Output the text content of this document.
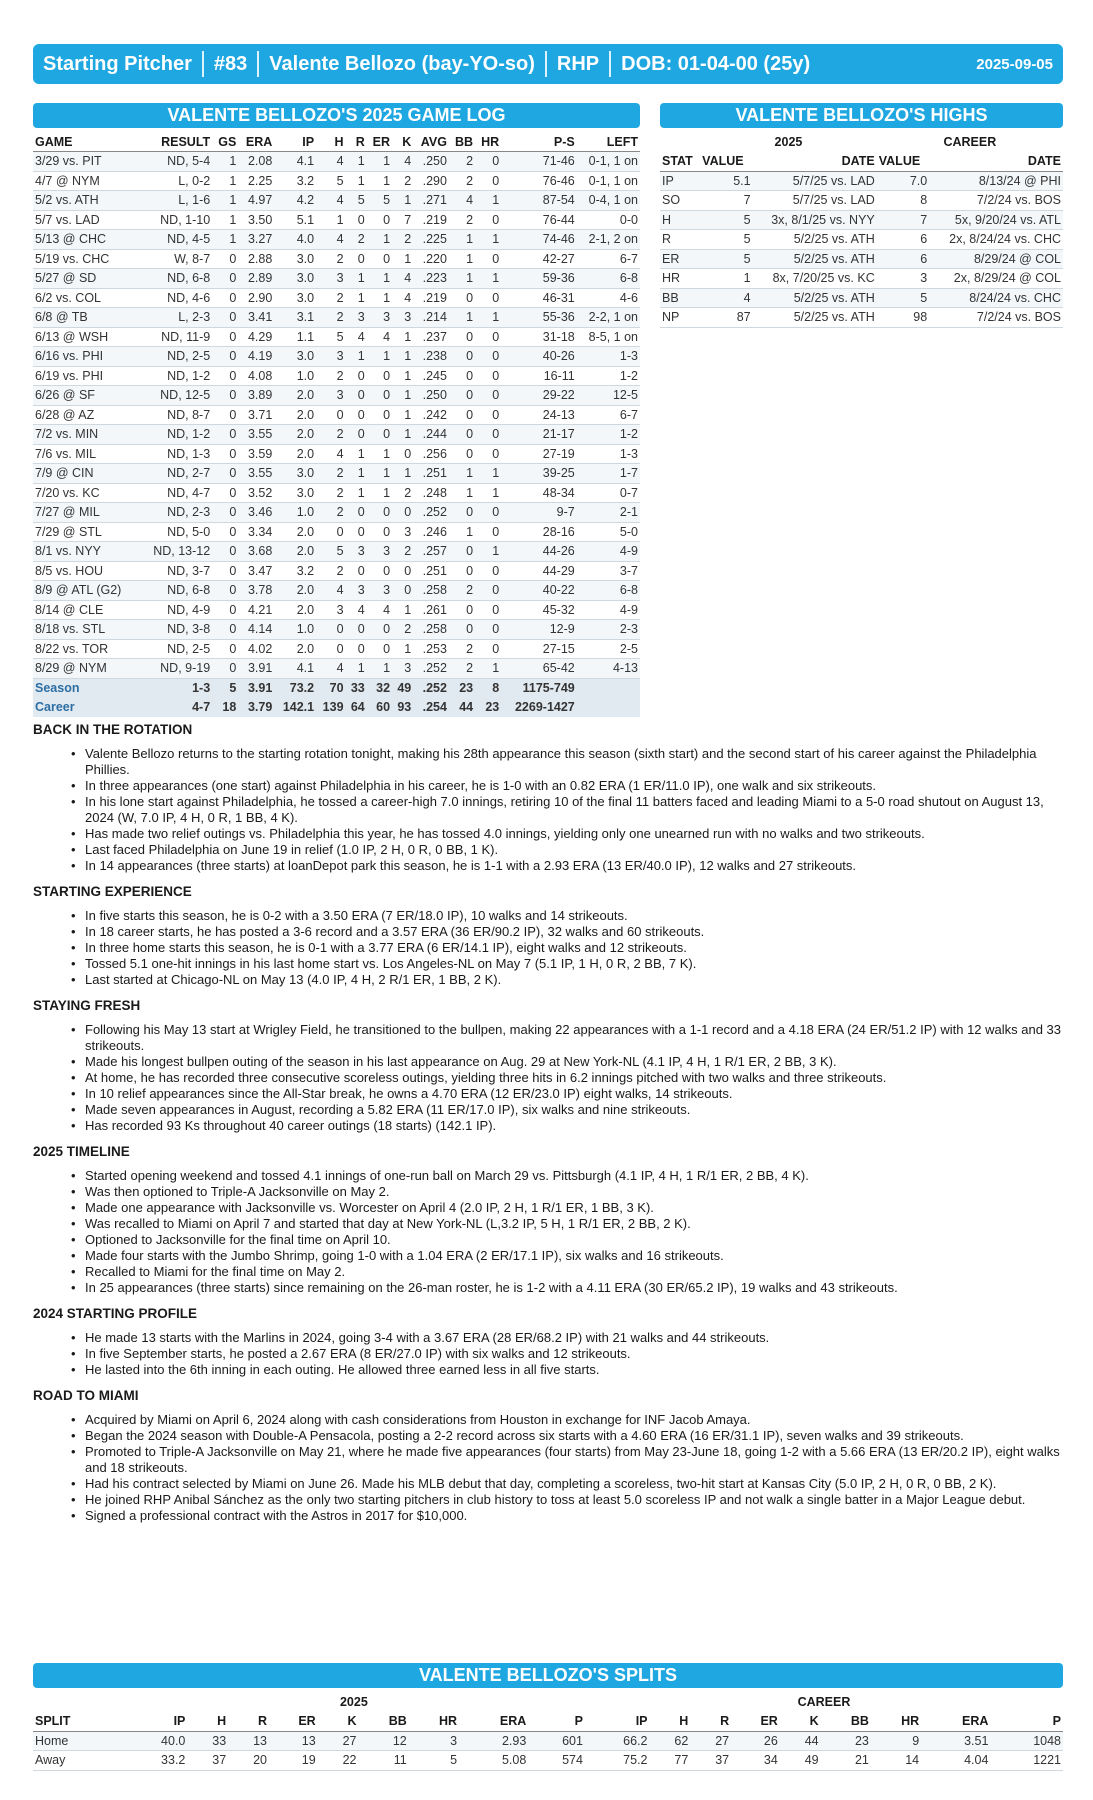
Starting Pitcher #83 Valente Bellozo (bay-YO-so) RHP DOB: 01-04-00 (25y)	2025-09-05
VALENTE BELLOZO'S 2025 GAME LOG
GAME	RESULT	GS	ERA	IP	H	R	ER	K	AVG	BB	HR	P-S	LEFT
3/29 vs. PIT	ND, 5-4	1	2.08	4.1	4	1	1	4	.250	2	0	71-46	0-1, 1 on
4/7 @ NYM	L, 0-2	1	2.25	3.2	5	1	1	2	.290	2	0	76-46	0-1, 1 on
5/2 vs. ATH	L, 1-6	1	4.97	4.2	4	5	5	1	.271	4	1	87-54	0-4, 1 on
5/7 vs. LAD	ND, 1-10	1	3.50	5.1	1	0	0	7	.219	2	0	76-44	0-0
5/13 @ CHC	ND, 4-5	1	3.27	4.0	4	2	1	2	.225	1	1	74-46	2-1, 2 on
5/19 vs. CHC	W, 8-7	0	2.88	3.0	2	0	0	1	.220	1	0	42-27	6-7
5/27 @ SD	ND, 6-8	0	2.89	3.0	3	1	1	4	.223	1	1	59-36	6-8
6/2 vs. COL	ND, 4-6	0	2.90	3.0	2	1	1	4	.219	0	0	46-31	4-6
6/8 @ TB	L, 2-3	0	3.41	3.1	2	3	3	3	.214	1	1	55-36	2-2, 1 on
6/13 @ WSH	ND, 11-9	0	4.29	1.1	5	4	4	1	.237	0	0	31-18	8-5, 1 on
6/16 vs. PHI	ND, 2-5	0	4.19	3.0	3	1	1	1	.238	0	0	40-26	1-3
6/19 vs. PHI	ND, 1-2	0	4.08	1.0	2	0	0	1	.245	0	0	16-11	1-2
6/26 @ SF	ND, 12-5	0	3.89	2.0	3	0	0	1	.250	0	0	29-22	12-5
6/28 @ AZ	ND, 8-7	0	3.71	2.0	0	0	0	1	.242	0	0	24-13	6-7
7/2 vs. MIN	ND, 1-2	0	3.55	2.0	2	0	0	1	.244	0	0	21-17	1-2
7/6 vs. MIL	ND, 1-3	0	3.59	2.0	4	1	1	0	.256	0	0	27-19	1-3
7/9 @ CIN	ND, 2-7	0	3.55	3.0	2	1	1	1	.251	1	1	39-25	1-7
7/20 vs. KC	ND, 4-7	0	3.52	3.0	2	1	1	2	.248	1	1	48-34	0-7
7/27 @ MIL	ND, 2-3	0	3.46	1.0	2	0	0	0	.252	0	0	9-7	2-1
7/29 @ STL	ND, 5-0	0	3.34	2.0	0	0	0	3	.246	1	0	28-16	5-0
8/1 vs. NYY	ND, 13-12	0	3.68	2.0	5	3	3	2	.257	0	1	44-26	4-9
8/5 vs. HOU	ND, 3-7	0	3.47	3.2	2	0	0	0	.251	0	0	44-29	3-7
8/9 @ ATL (G2)	ND, 6-8	0	3.78	2.0	4	3	3	0	.258	2	0	40-22	6-8
8/14 @ CLE	ND, 4-9	0	4.21	2.0	3	4	4	1	.261	0	0	45-32	4-9
8/18 vs. STL	ND, 3-8	0	4.14	1.0	0	0	0	2	.258	0	0	12-9	2-3
8/22 vs. TOR	ND, 2-5	0	4.02	2.0	0	0	0	1	.253	2	0	27-15	2-5
8/29 @ NYM	ND, 9-19	0	3.91	4.1	4	1	1	3	.252	2	1	65-42	4-13
Season	1-3	5	3.91	73.2	70	33	32	49	.252	23	8	1175-749	
Career	4-7	18	3.79	142.1	139	64	60	93	.254	44	23	2269-1427	
VALENTE BELLOZO'S HIGHS
	2025		CAREER	
STAT	VALUE	DATE	VALUE	DATE
IP	5.1	5/7/25 vs. LAD	7.0	8/13/24 @ PHI
SO	7	5/7/25 vs. LAD	8	7/2/24 vs. BOS
H	5	3x, 8/1/25 vs. NYY	7	5x, 9/20/24 vs. ATL
R	5	5/2/25 vs. ATH	6	2x, 8/24/24 vs. CHC
ER	5	5/2/25 vs. ATH	6	8/29/24 @ COL
HR	1	8x, 7/20/25 vs. KC	3	2x, 8/29/24 @ COL
BB	4	5/2/25 vs. ATH	5	8/24/24 vs. CHC
NP	87	5/2/25 vs. ATH	98	7/2/24 vs. BOS
BACK IN THE ROTATION
• Valente Bellozo returns to the starting rotation tonight, making his 28th appearance this season (sixth start) and the second start of his career against the Philadelphia Phillies.
• In three appearances (one start) against Philadelphia in his career, he is 1-0 with an 0.82 ERA (1 ER/11.0 IP), one walk and six strikeouts.
• In his lone start against Philadelphia, he tossed a career-high 7.0 innings, retiring 10 of the final 11 batters faced and leading Miami to a 5-0 road shutout on August 13, 2024 (W, 7.0 IP, 4 H, 0 R, 1 BB, 4 K).
• Has made two relief outings vs. Philadelphia this year, he has tossed 4.0 innings, yielding only one unearned run with no walks and two strikeouts.
• Last faced Philadelphia on June 19 in relief (1.0 IP, 2 H, 0 R, 0 BB, 1 K).
• In 14 appearances (three starts) at loanDepot park this season, he is 1-1 with a 2.93 ERA (13 ER/40.0 IP), 12 walks and 27 strikeouts.
STARTING EXPERIENCE
• In five starts this season, he is 0-2 with a 3.50 ERA (7 ER/18.0 IP), 10 walks and 14 strikeouts.
• In 18 career starts, he has posted a 3-6 record and a 3.57 ERA (36 ER/90.2 IP), 32 walks and 60 strikeouts.
• In three home starts this season, he is 0-1 with a 3.77 ERA (6 ER/14.1 IP), eight walks and 12 strikeouts.
• Tossed 5.1 one-hit innings in his last home start vs. Los Angeles-NL on May 7 (5.1 IP, 1 H, 0 R, 2 BB, 7 K).
• Last started at Chicago-NL on May 13 (4.0 IP, 4 H, 2 R/1 ER, 1 BB, 2 K).
STAYING FRESH
• Following his May 13 start at Wrigley Field, he transitioned to the bullpen, making 22 appearances with a 1-1 record and a 4.18 ERA (24 ER/51.2 IP) with 12 walks and 33 strikeouts.
• Made his longest bullpen outing of the season in his last appearance on Aug. 29 at New York-NL (4.1 IP, 4 H, 1 R/1 ER, 2 BB, 3 K).
• At home, he has recorded three consecutive scoreless outings, yielding three hits in 6.2 innings pitched with two walks and three strikeouts.
• In 10 relief appearances since the All-Star break, he owns a 4.70 ERA (12 ER/23.0 IP) eight walks, 14 strikeouts.
• Made seven appearances in August, recording a 5.82 ERA (11 ER/17.0 IP), six walks and nine strikeouts.
• Has recorded 93 Ks throughout 40 career outings (18 starts) (142.1 IP).
2025 TIMELINE
• Started opening weekend and tossed 4.1 innings of one-run ball on March 29 vs. Pittsburgh (4.1 IP, 4 H, 1 R/1 ER, 2 BB, 4 K).
• Was then optioned to Triple-A Jacksonville on May 2.
• Made one appearance with Jacksonville vs. Worcester on April 4 (2.0 IP, 2 H, 1 R/1 ER, 1 BB, 3 K).
• Was recalled to Miami on April 7 and started that day at New York-NL (L,3.2 IP, 5 H, 1 R/1 ER, 2 BB, 2 K).
• Optioned to Jacksonville for the final time on April 10.
• Made four starts with the Jumbo Shrimp, going 1-0 with a 1.04 ERA (2 ER/17.1 IP), six walks and 16 strikeouts.
• Recalled to Miami for the final time on May 2.
• In 25 appearances (three starts) since remaining on the 26-man roster, he is 1-2 with a 4.11 ERA (30 ER/65.2 IP), 19 walks and 43 strikeouts.
2024 STARTING PROFILE
• He made 13 starts with the Marlins in 2024, going 3-4 with a 3.67 ERA (28 ER/68.2 IP) with 21 walks and 44 strikeouts.
• In five September starts, he posted a 2.67 ERA (8 ER/27.0 IP) with six walks and 12 strikeouts.
• He lasted into the 6th inning in each outing. He allowed three earned less in all five starts.
ROAD TO MIAMI
• Acquired by Miami on April 6, 2024 along with cash considerations from Houston in exchange for INF Jacob Amaya.
• Began the 2024 season with Double-A Pensacola, posting a 2-2 record across six starts with a 4.60 ERA (16 ER/31.1 IP), seven walks and 39 strikeouts.
• Promoted to Triple-A Jacksonville on May 21, where he made five appearances (four starts) from May 23-June 18, going 1-2 with a 5.66 ERA (13 ER/20.2 IP), eight walks and 18 strikeouts.
• Had his contract selected by Miami on June 26. Made his MLB debut that day, completing a scoreless, two-hit start at Kansas City (5.0 IP, 2 H, 0 R, 0 BB, 2 K).
• He joined RHP Anibal Sánchez as the only two starting pitchers in club history to toss at least 5.0 scoreless IP and not walk a single batter in a Major League debut.
• Signed a professional contract with the Astros in 2017 for $10,000.
VALENTE BELLOZO'S SPLITS
	2025									CAREER								
SPLIT	IP	H	R	ER	K	BB	HR	ERA	P	IP	H	R	ER	K	BB	HR	ERA	P
Home	40.0	33	13	13	27	12	3	2.93	601	66.2	62	27	26	44	23	9	3.51	1048
Away	33.2	37	20	19	22	11	5	5.08	574	75.2	77	37	34	49	21	14	4.04	1221
